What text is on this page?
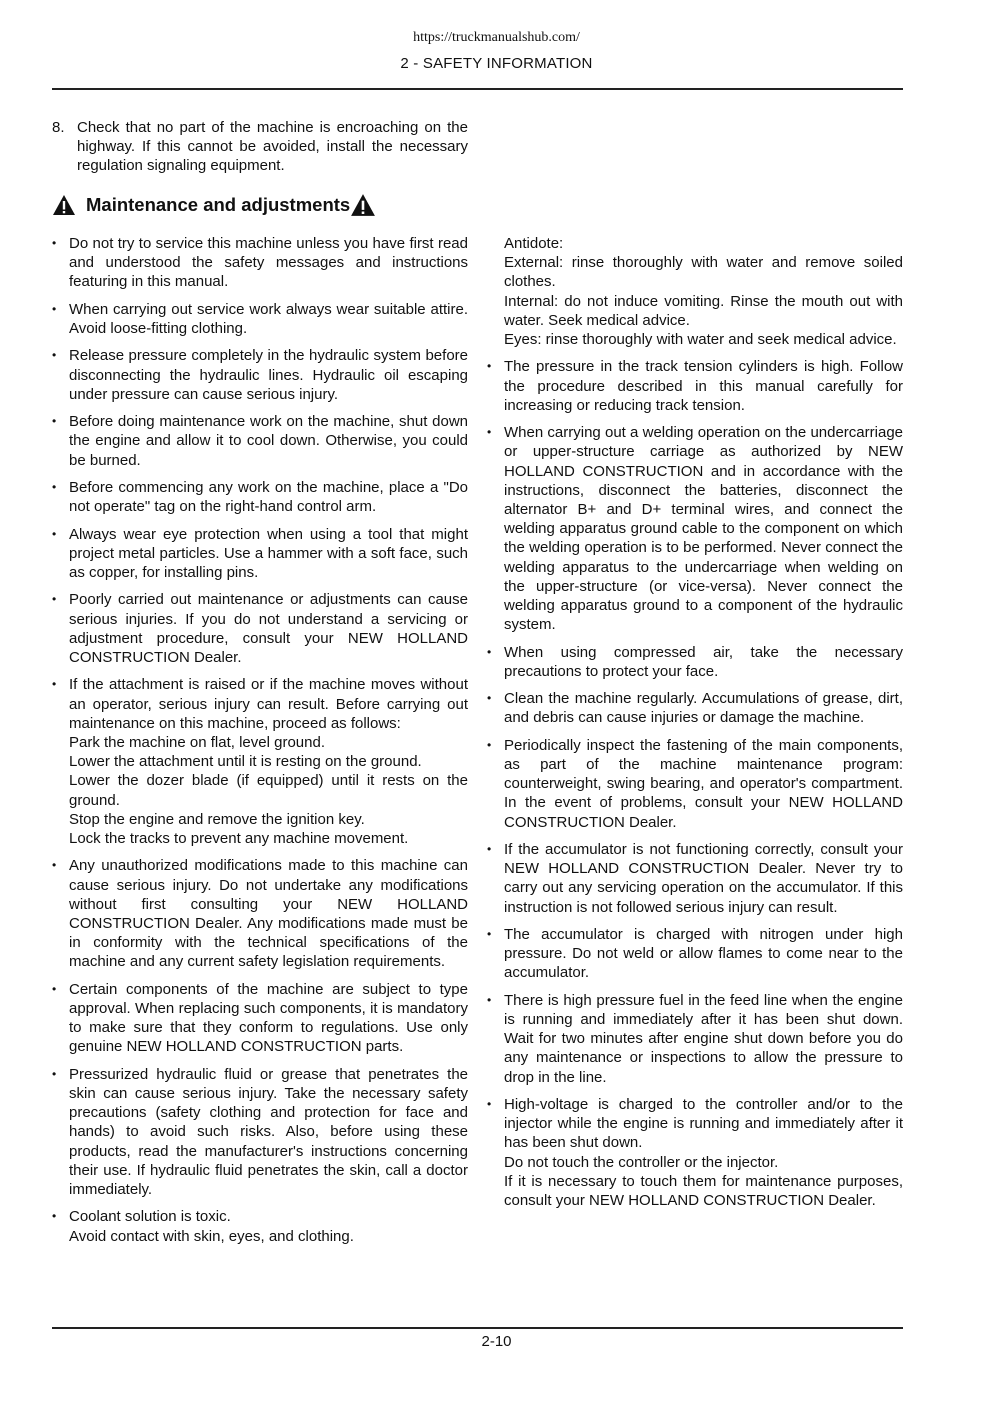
https://truckmanualshub.com/
2 - SAFETY INFORMATION
8. Check that no part of the machine is encroaching on the highway. If this cannot be avoided, install the necessary regulation signaling equipment.
Maintenance and adjustments
• Do not try to service this machine unless you have first read and understood the safety messages and instructions featuring in this manual.
• When carrying out service work always wear suitable attire. Avoid loose-fitting clothing.
• Release pressure completely in the hydraulic system before disconnecting the hydraulic lines. Hydraulic oil escaping under pressure can cause serious injury.
• Before doing maintenance work on the machine, shut down the engine and allow it to cool down. Otherwise, you could be burned.
• Before commencing any work on the machine, place a "Do not operate" tag on the right-hand control arm.
• Always wear eye protection when using a tool that might project metal particles. Use a hammer with a soft face, such as copper, for installing pins.
• Poorly carried out maintenance or adjustments can cause serious injuries. If you do not understand a servicing or adjustment procedure, consult your NEW HOLLAND CONSTRUCTION Dealer.
• If the attachment is raised or if the machine moves without an operator, serious injury can result. Before carrying out maintenance on this machine, proceed as follows:
Park the machine on flat, level ground.
Lower the attachment until it is resting on the ground.
Lower the dozer blade (if equipped) until it rests on the ground.
Stop the engine and remove the ignition key.
Lock the tracks to prevent any machine movement.
• Any unauthorized modifications made to this machine can cause serious injury. Do not undertake any modifications without first consulting your NEW HOLLAND CONSTRUCTION Dealer. Any modifications made must be in conformity with the technical specifications of the machine and any current safety legislation requirements.
• Certain components of the machine are subject to type approval. When replacing such components, it is mandatory to make sure that they conform to regulations. Use only genuine NEW HOLLAND CONSTRUCTION parts.
• Pressurized hydraulic fluid or grease that penetrates the skin can cause serious injury. Take the necessary safety precautions (safety clothing and protection for face and hands) to avoid such risks. Also, before using these products, read the manufacturer's instructions concerning their use. If hydraulic fluid penetrates the skin, call a doctor immediately.
• Coolant solution is toxic.
Avoid contact with skin, eyes, and clothing.
Antidote:
External: rinse thoroughly with water and remove soiled clothes.
Internal: do not induce vomiting. Rinse the mouth out with water. Seek medical advice.
Eyes: rinse thoroughly with water and seek medical advice.
• The pressure in the track tension cylinders is high. Follow the procedure described in this manual carefully for increasing or reducing track tension.
• When carrying out a welding operation on the undercarriage or upper-structure carriage as authorized by NEW HOLLAND CONSTRUCTION and in accordance with the instructions, disconnect the batteries, disconnect the alternator B+ and D+ terminal wires, and connect the welding apparatus ground cable to the component on which the welding operation is to be performed. Never connect the welding apparatus to the undercarriage when welding on the upper-structure (or vice-versa). Never connect the welding apparatus ground to a component of the hydraulic system.
• When using compressed air, take the necessary precautions to protect your face.
• Clean the machine regularly. Accumulations of grease, dirt, and debris can cause injuries or damage the machine.
• Periodically inspect the fastening of the main components, as part of the machine maintenance program: counterweight, swing bearing, and operator's compartment. In the event of problems, consult your NEW HOLLAND CONSTRUCTION Dealer.
• If the accumulator is not functioning correctly, consult your NEW HOLLAND CONSTRUCTION Dealer. Never try to carry out any servicing operation on the accumulator. If this instruction is not followed serious injury can result.
• The accumulator is charged with nitrogen under high pressure. Do not weld or allow flames to come near to the accumulator.
• There is high pressure fuel in the feed line when the engine is running and immediately after it has been shut down. Wait for two minutes after engine shut down before you do any maintenance or inspections to allow the pressure to drop in the line.
• High-voltage is charged to the controller and/or to the injector while the engine is running and immediately after it has been shut down.
Do not touch the controller or the injector.
If it is necessary to touch them for maintenance purposes, consult your NEW HOLLAND CONSTRUCTION Dealer.
2-10
